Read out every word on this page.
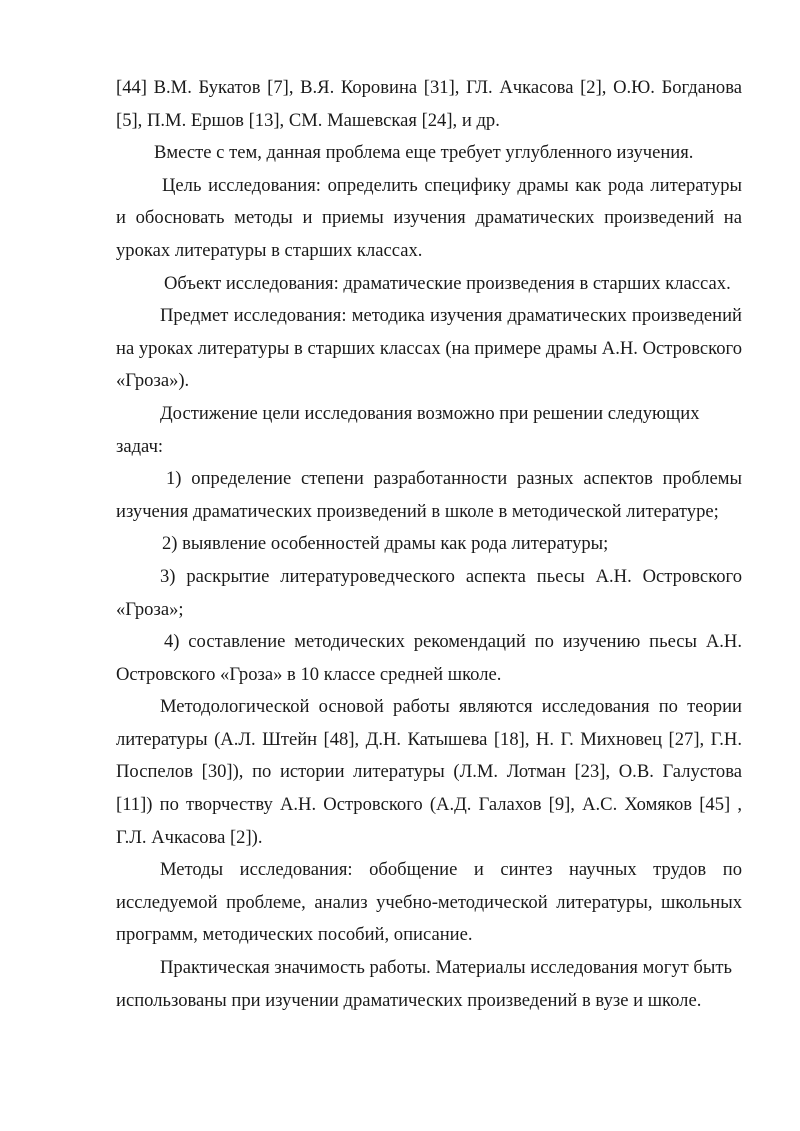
[44] В.М. Букатов [7], В.Я. Коровина [31], ГЛ. Ачкасова [2], О.Ю. Богданова [5], П.М. Ершов [13], СМ. Машевская [24], и др.

Вместе с тем, данная проблема еще требует углубленного изучения.

Цель исследования: определить специфику драмы как рода литературы и обосновать методы и приемы изучения драматических произведений на уроках литературы в старших классах.

Объект исследования: драматические произведения в старших классах.

Предмет исследования: методика изучения драматических произведений на уроках литературы в старших классах (на примере драмы А.Н. Островского «Гроза»).

Достижение цели исследования возможно при решении следующих задач:

1) определение степени разработанности разных аспектов проблемы изучения драматических произведений в школе в методической литературе;

2) выявление особенностей драмы как рода литературы;

3) раскрытие литературоведческого аспекта пьесы А.Н. Островского «Гроза»;

4) составление методических рекомендаций по изучению пьесы А.Н. Островского «Гроза» в 10 классе средней школе.

Методологической основой работы являются исследования по теории литературы (А.Л. Штейн [48], Д.Н. Катышева [18], Н. Г. Михновец [27], Г.Н. Поспелов [30]), по истории литературы (Л.М. Лотман [23], О.В. Галустова [11]) по творчеству А.Н. Островского (А.Д. Галахов [9], А.С. Хомяков [45] , Г.Л. Ачкасова [2]).

Методы исследования: обобщение и синтез научных трудов по исследуемой проблеме, анализ учебно-методической литературы, школьных программ, методических пособий, описание.

Практическая значимость работы. Материалы исследования могут быть использованы при изучении драматических произведений в вузе и школе.
